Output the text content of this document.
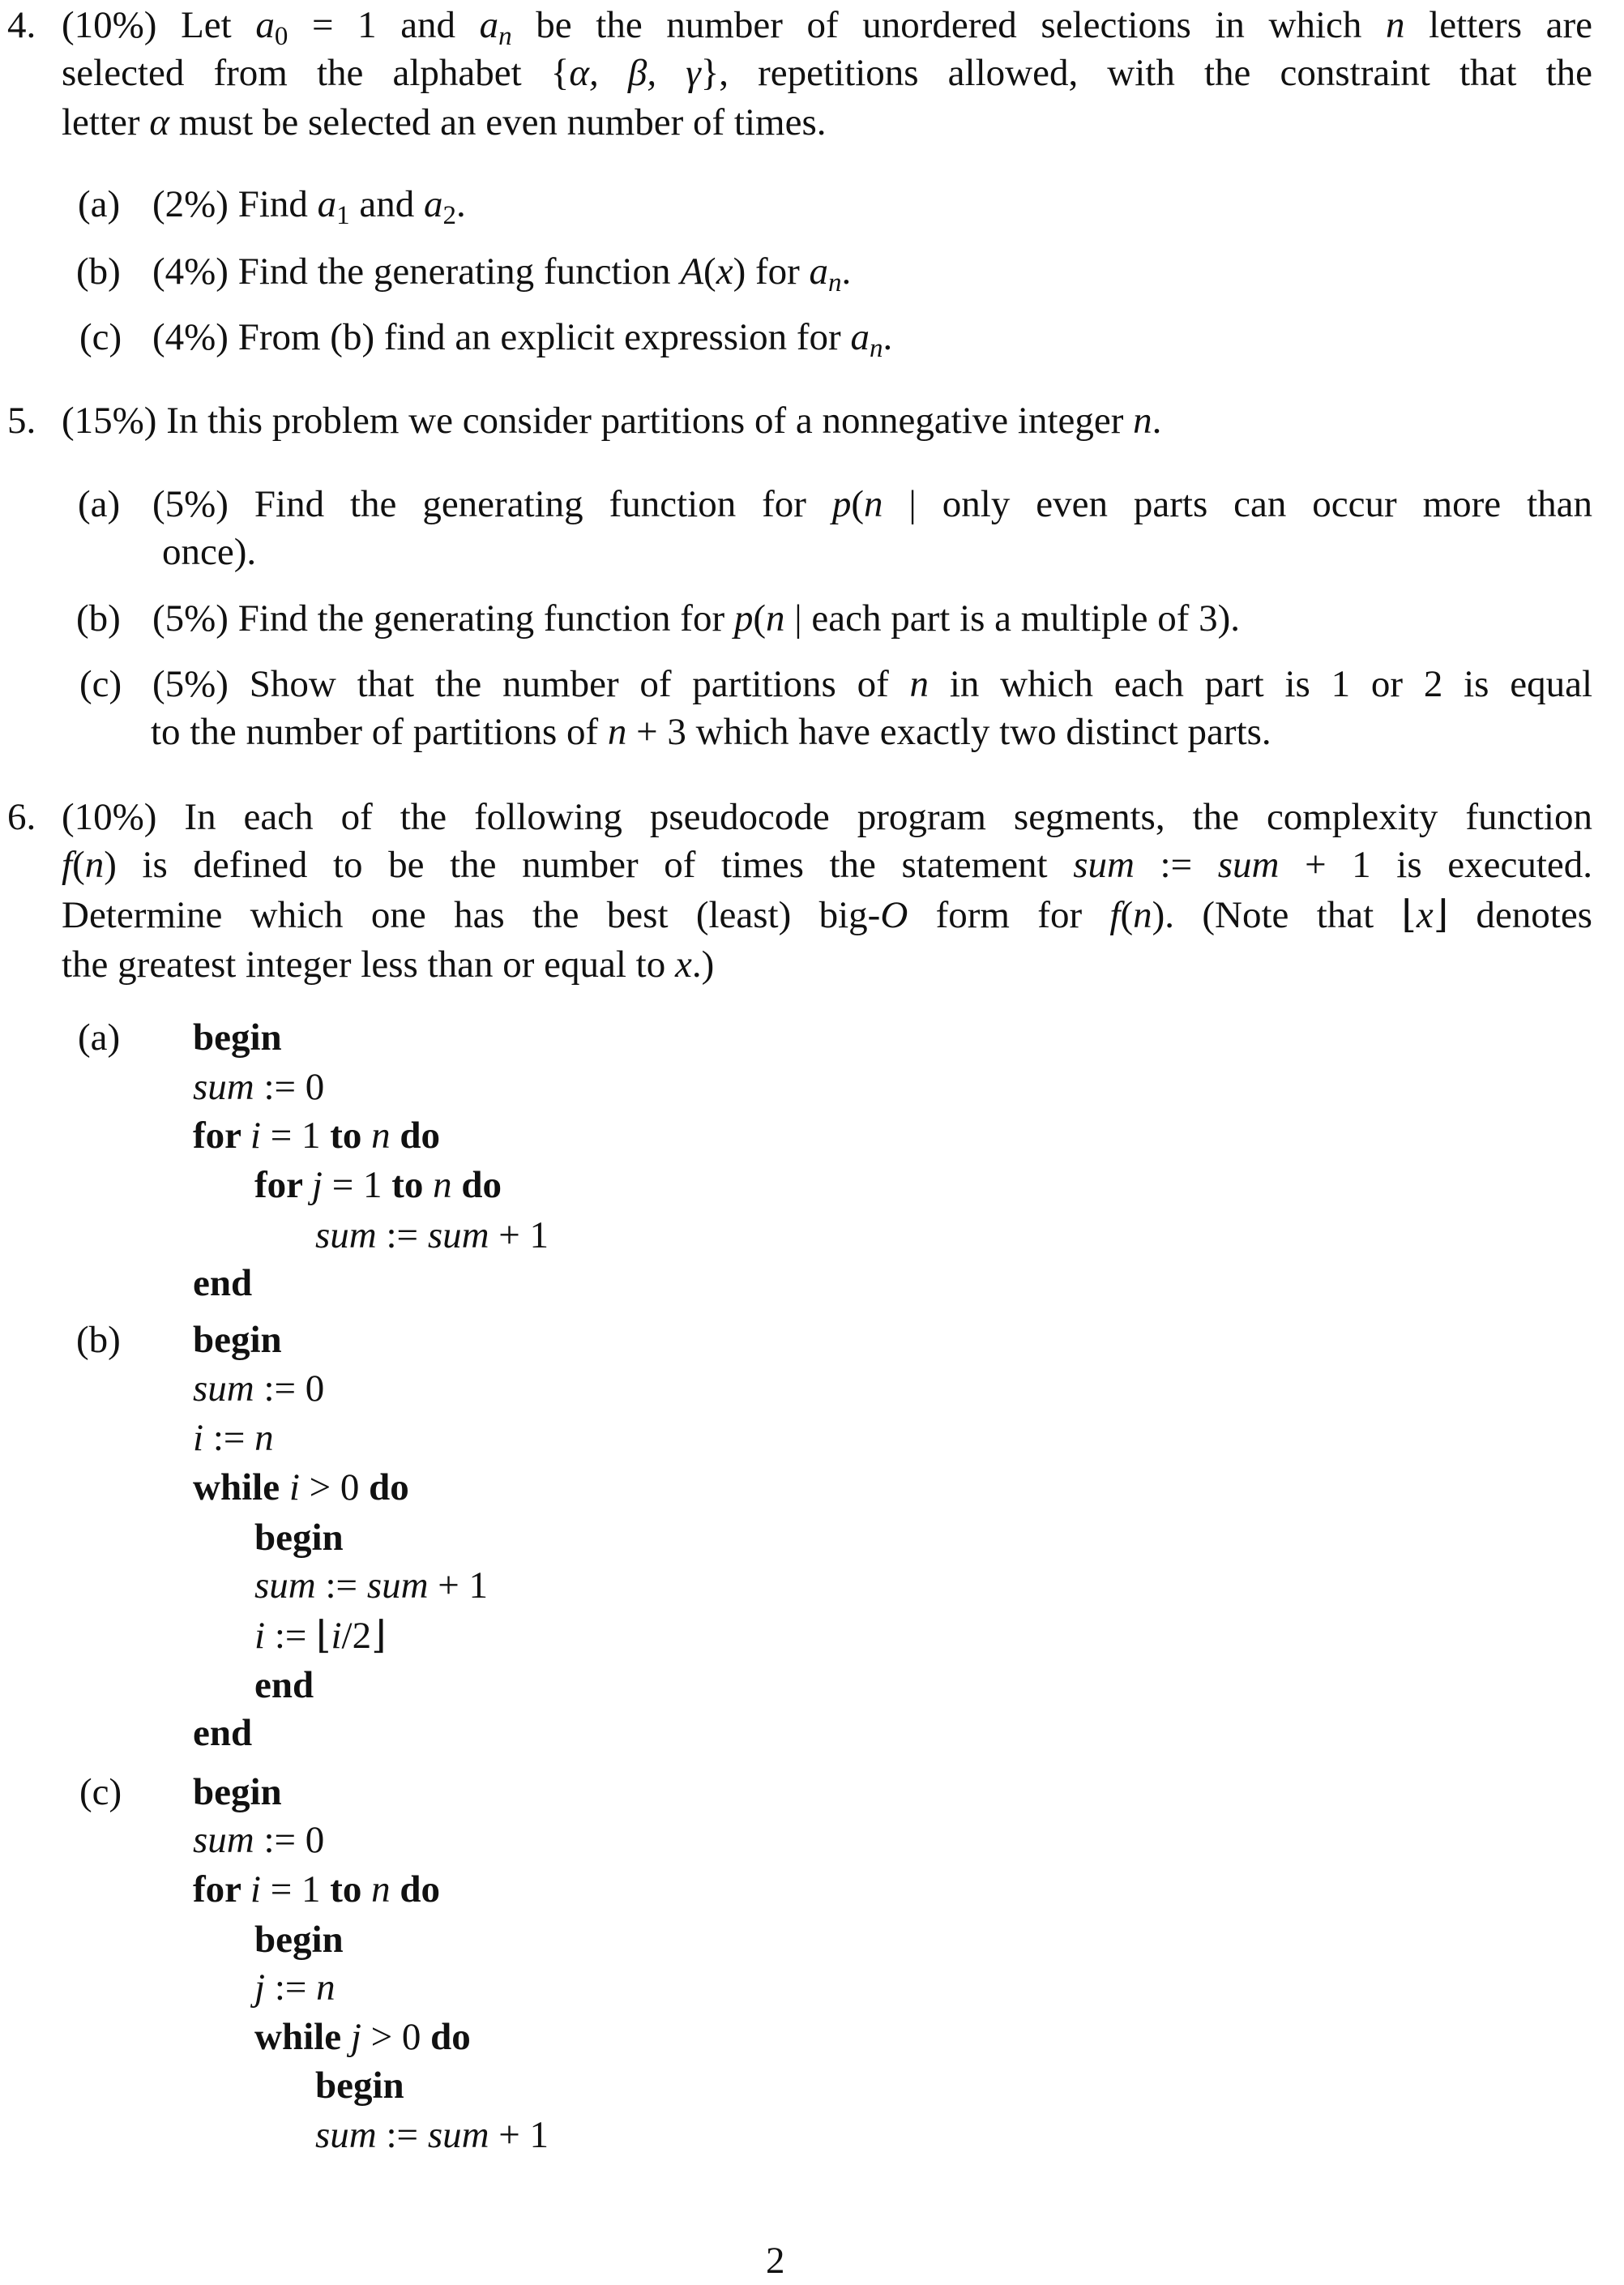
4. (10%) Let $a_0 = 1$ and an be the number of unordered selections in which n letters are
selected from the alphabet {α, β, γ}, repetitions allowed, with the constraint that the
letter α must be selected an even number of times.
(a) (2%) Find $a_1$ and $a_2$.
(b) (4%) Find the generating function A(x) for an.
(c) (4%) From (b) find an explicit expression for an.
5. (15%) In this problem we consider partitions of a nonnegative integer n.
(a) (5%) Find the generating function for p(n | only even parts can occur more than
once).
(b) (5%) Find the generating function for p(n | each part is a multiple of 3).
(c) (5%) Show that the number of partitions of n in which each part is 1 or 2 is equal
to the number of partitions of n + 3 which have exactly two distinct parts.
6. (10%) In each of the following pseudocode program segments, the complexity function
f(n) is defined to be the number of times the statement sum := sum + 1 is executed.
Determine which one has the best (least) big-O form for f(n). (Note that ⌊x⌋ denotes
the greatest integer less than or equal to x.)
(a) begin
sum := 0
for i = 1 to n do
for j = 1 to n do
sum := sum + 1
end
(b) begin
sum := 0
i := n
while i > 0 do
begin
sum := sum + 1
i := ⌊i/2⌋
end
end
(c) begin
sum := 0
for i = 1 to n do
begin
j := n
while j > 0 do
begin
sum := sum + 1
2
